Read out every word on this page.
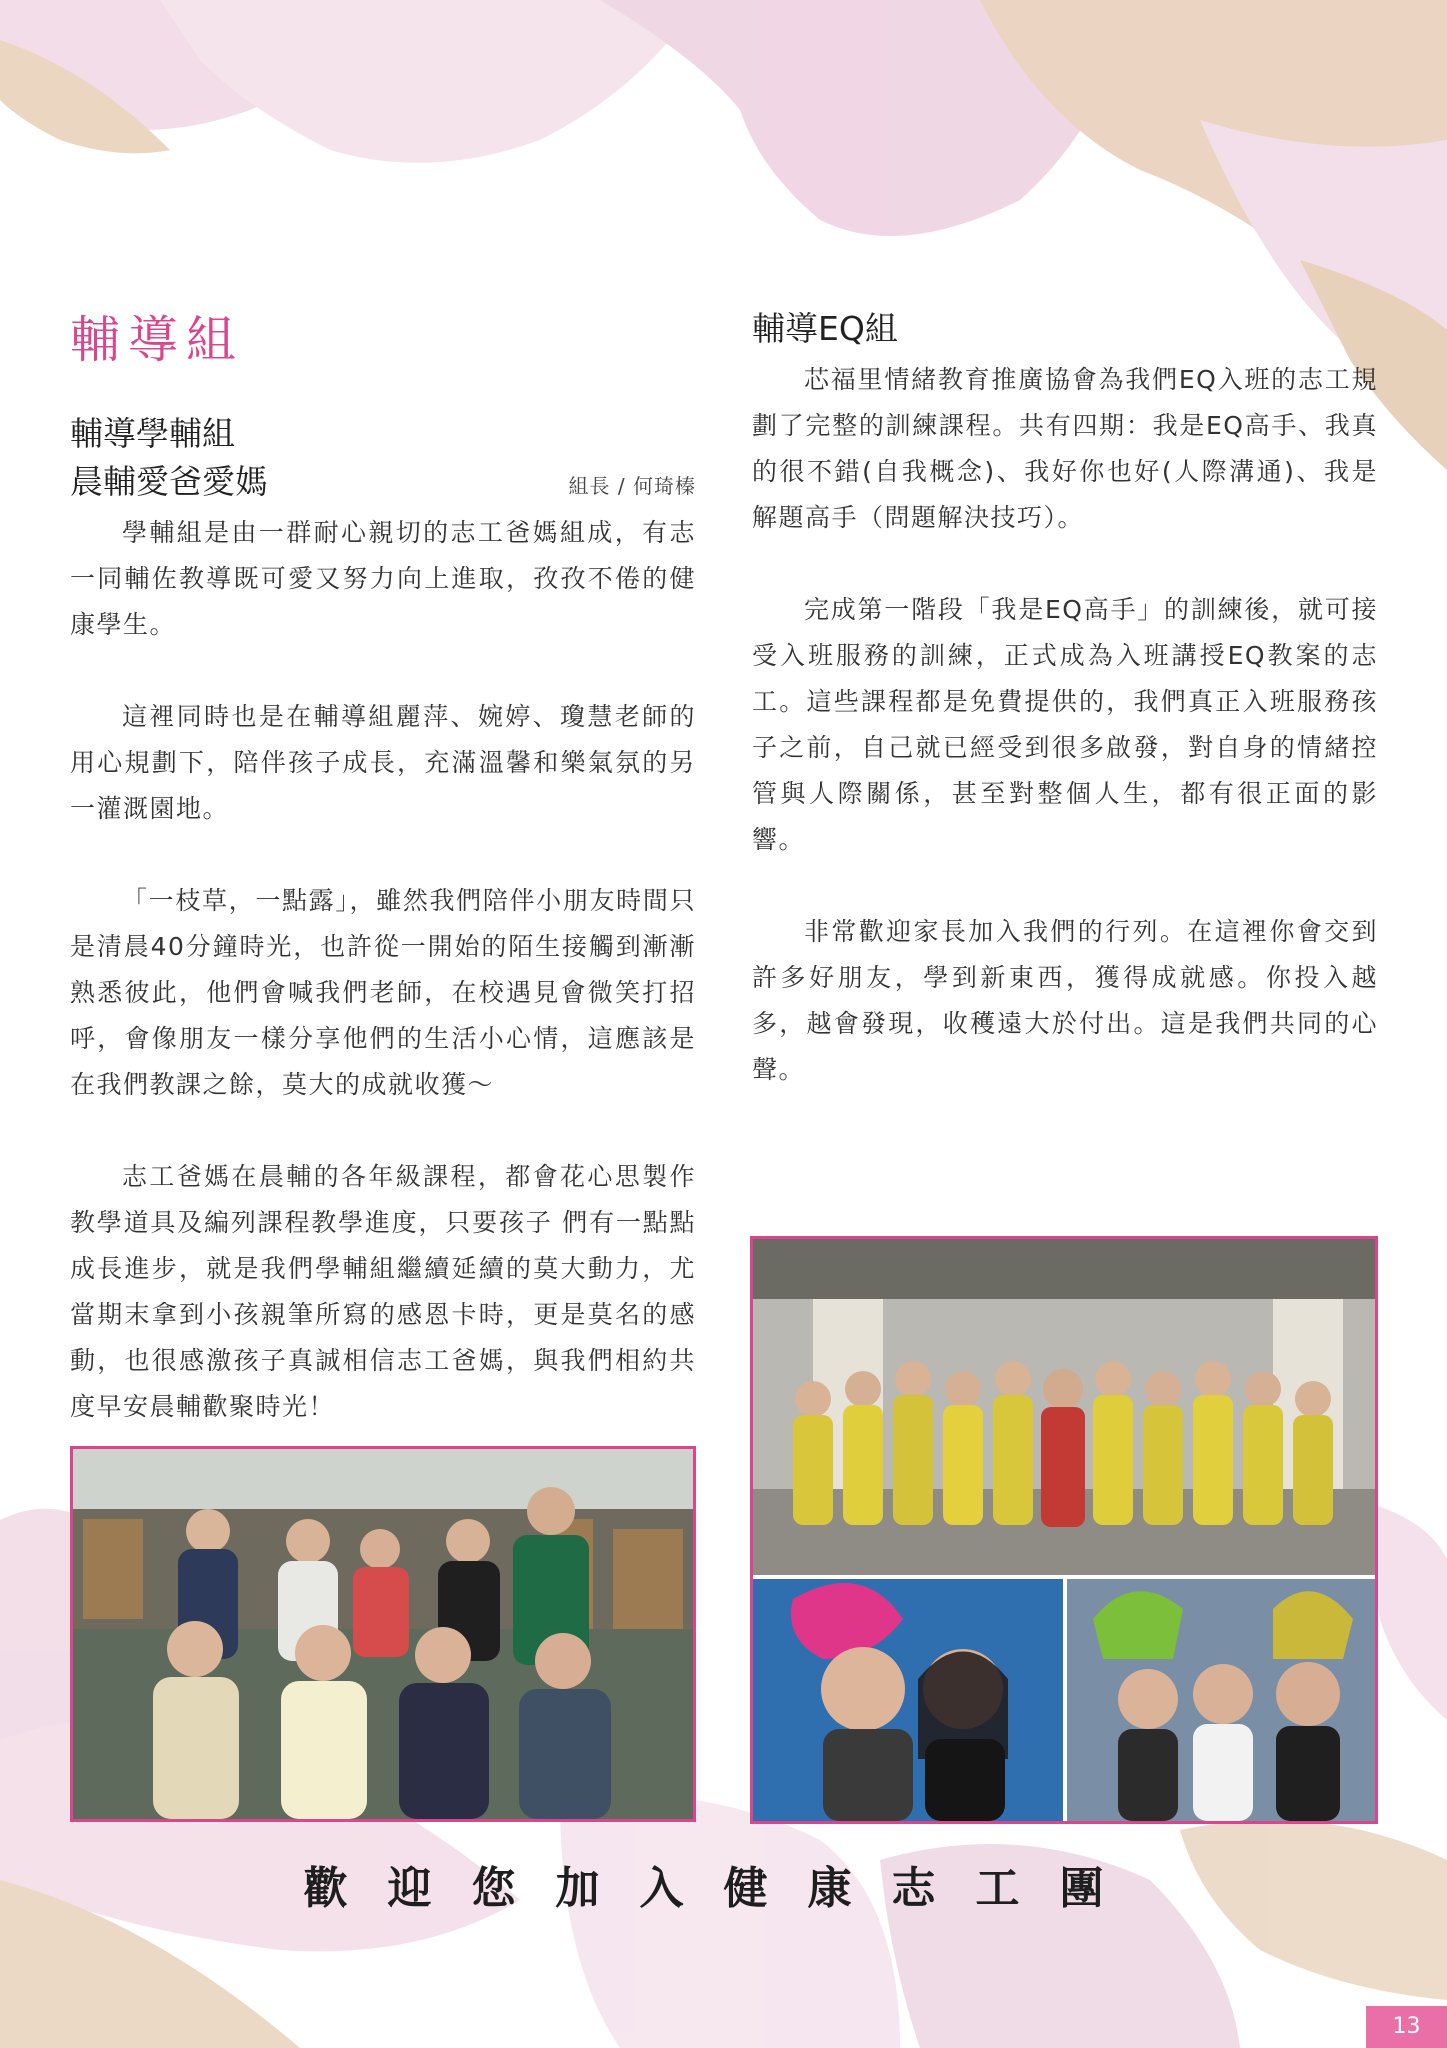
輔導組
輔導學輔組
晨輔愛爸愛媽	組長 / 何琦榛

學輔組是由一群耐心親切的志工爸媽組成，有志一同輔佐教導既可愛又努力向上進取，孜孜不倦的健康學生。

這裡同時也是在輔導組麗萍、婉婷、瓊慧老師的用心規劃下，陪伴孩子成長，充滿溫馨和樂氣氛的另一灌溉園地。

「一枝草，一點露」，雖然我們陪伴小朋友時間只是清晨40分鐘時光，也許從一開始的陌生接觸到漸漸熟悉彼此，他們會喊我們老師，在校遇見會微笑打招呼，會像朋友一樣分享他們的生活小心情，這應該是在我們教課之餘，莫大的成就收獲～

志工爸媽在晨輔的各年級課程，都會花心思製作教學道具及編列課程教學進度，只要孩子 們有一點點成長進步，就是我們學輔組繼續延續的莫大動力，尤當期末拿到小孩親筆所寫的感恩卡時，更是莫名的感動，也很感激孩子真誠相信志工爸媽，與我們相約共度早安晨輔歡聚時光！

輔導EQ組

芯福里情緒教育推廣協會為我們EQ入班的志工規劃了完整的訓練課程。共有四期：我是EQ高手、我真的很不錯(自我概念)、我好你也好(人際溝通)、我是解題高手（問題解決技巧）。

完成第一階段「我是EQ高手」的訓練後，就可接受入班服務的訓練，正式成為入班講授EQ教案的志工。這些課程都是免費提供的，我們真正入班服務孩子之前，自己就已經受到很多啟發，對自身的情緒控管與人際關係，甚至對整個人生，都有很正面的影響。

非常歡迎家長加入我們的行列。在這裡你會交到許多好朋友，學到新東西，獲得成就感。你投入越多，越會發現，收穫遠大於付出。這是我們共同的心聲。

歡迎您加入健康志工團
13
